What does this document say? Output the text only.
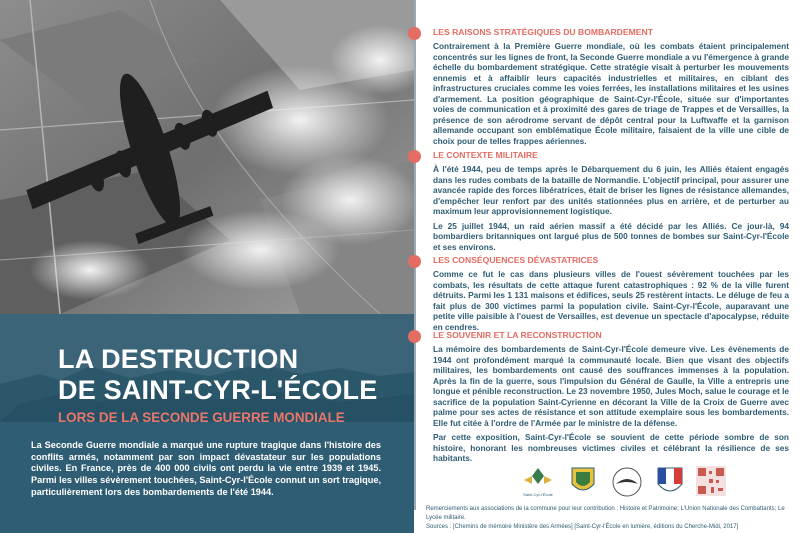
LA DESTRUCTION
DE SAINT-CYR-L'ÉCOLE
LORS DE LA SECONDE GUERRE MONDIALE
La Seconde Guerre mondiale a marqué une rupture tragique dans l'histoire des conflits armés, notamment par son impact dévastateur sur les populations civiles. En France, près de 400 000 civils ont perdu la vie entre 1939 et 1945. Parmi les villes sévèrement touchées, Saint-Cyr-l'École connut un sort tragique, particulièrement lors des bombardements de l'été 1944.
LES RAISONS STRATÉGIQUES DU BOMBARDEMENT

Contrairement à la Première Guerre mondiale, où les combats étaient principalement concentrés sur les lignes de front, la Seconde Guerre mondiale a vu l'émergence à grande échelle du bombardement stratégique. Cette stratégie visait à perturber les mouvements ennemis et à affaiblir leurs capacités industrielles et militaires, en ciblant des infrastructures cruciales comme les voies ferrées, les installations militaires et les usines d'armement. La position géographique de Saint-Cyr-l'École, située sur d'importantes voies de communication et à proximité des gares de triage de Trappes et de Versailles, la présence de son aérodrome servant de dépôt central pour la Luftwaffe et la garnison allemande occupant son emblématique École militaire, faisaient de la ville une cible de choix pour de telles frappes aériennes.

LE CONTEXTE MILITAIRE

À l'été 1944, peu de temps après le Débarquement du 6 juin, les Alliés étaient engagés dans les rudes combats de la bataille de Normandie. L'objectif principal, pour assurer une avancée rapide des forces libératrices, était de briser les lignes de résistance allemandes, d'empêcher leur renfort par des unités stationnées plus en arrière, et de perturber au maximum leur approvisionnement logistique.

Le 25 juillet 1944, un raid aérien massif a été décidé par les Alliés. Ce jour-là, 94 bombardiers britanniques ont largué plus de 500 tonnes de bombes sur Saint-Cyr-l'École et ses environs.

LES CONSÉQUENCES DÉVASTATRICES

Comme ce fut le cas dans plusieurs villes de l'ouest sévèrement touchées par les combats, les résultats de cette attaque furent catastrophiques : 92 % de la ville furent détruits. Parmi les 1 131 maisons et édifices, seuls 25 restèrent intacts. Le déluge de feu a fait plus de 300 victimes parmi la population civile. Saint-Cyr-l'École, auparavant une petite ville paisible à l'ouest de Versailles, est devenue un spectacle d'apocalypse, réduite en cendres.

LE SOUVENIR ET LA RECONSTRUCTION

La mémoire des bombardements de Saint-Cyr-l'École demeure vive. Les évènements de 1944 ont profondément marqué la communauté locale. Bien que visant des objectifs militaires, les bombardements ont causé des souffrances immenses à la population. Après la fin de la guerre, sous l'impulsion du Général de Gaulle, la Ville a entrepris une longue et pénible reconstruction. Le 23 novembre 1950, Jules Moch, salue le courage et le sacrifice de la population Saint-Cyrienne en décorant la Ville de la Croix de Guerre avec palme pour ses actes de résistance et son attitude exemplaire sous les bombardements. Elle fut citée à l'ordre de l'Armée par le ministre de la défense.

Par cette exposition, Saint-Cyr-l'École se souvient de cette période sombre de son histoire, honorant les nombreuses victimes civiles et célébrant la résilience de ses habitants.

Saint-Cyr-l'École
Remerciements aux associations de la commune pour leur contribution : Histoire et Patrimoine; L'Union Nationale des Combattants; Le Lycée militaire.
Sources : [Chemins de mémoire Ministère des Armées] [Saint-Cyr-l'École en lumière, éditions du Cherche-Midi, 2017]
